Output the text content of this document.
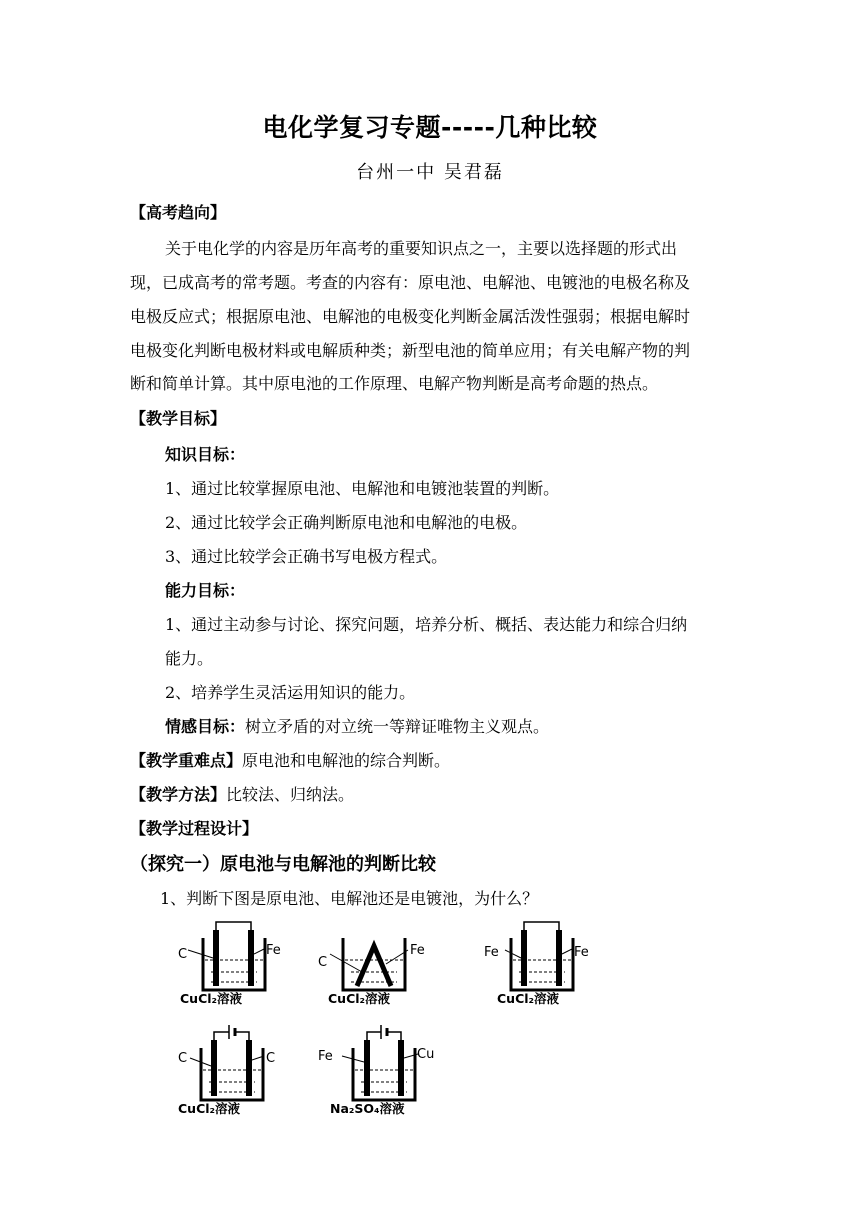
电化学复习专题-----几种比较
台州一中 吴君磊
【高考趋向】
关于电化学的内容是历年高考的重要知识点之一，主要以选择题的形式出
现，已成高考的常考题。考查的内容有：原电池、电解池、电镀池的电极名称及
电极反应式；根据原电池、电解池的电极变化判断金属活泼性强弱；根据电解时
电极变化判断电极材料或电解质种类；新型电池的简单应用；有关电解产物的判
断和简单计算。其中原电池的工作原理、电解产物判断是高考命题的热点。
【教学目标】
知识目标：
1、通过比较掌握原电池、电解池和电镀池装置的判断。
2、通过比较学会正确判断原电池和电解池的电极。
3、通过比较学会正确书写电极方程式。
能力目标：
1、通过主动参与讨论、探究问题，培养分析、概括、表达能力和综合归纳
能力。
2、培养学生灵活运用知识的能力。
情感目标：树立矛盾的对立统一等辩证唯物主义观点。
【教学重难点】原电池和电解池的综合判断。
【教学方法】比较法、归纳法。
【教学过程设计】
（探究一）原电池与电解池的判断比较
1、判断下图是原电池、电解池还是电镀池，为什么？
C	Fe
CuCl₂溶液
C
Fe
CuCl₂溶液
Fe	Fe
CuCl₂溶液
C	C
CuCl₂溶液
Fe	Cu
Na₂SO₄溶液
